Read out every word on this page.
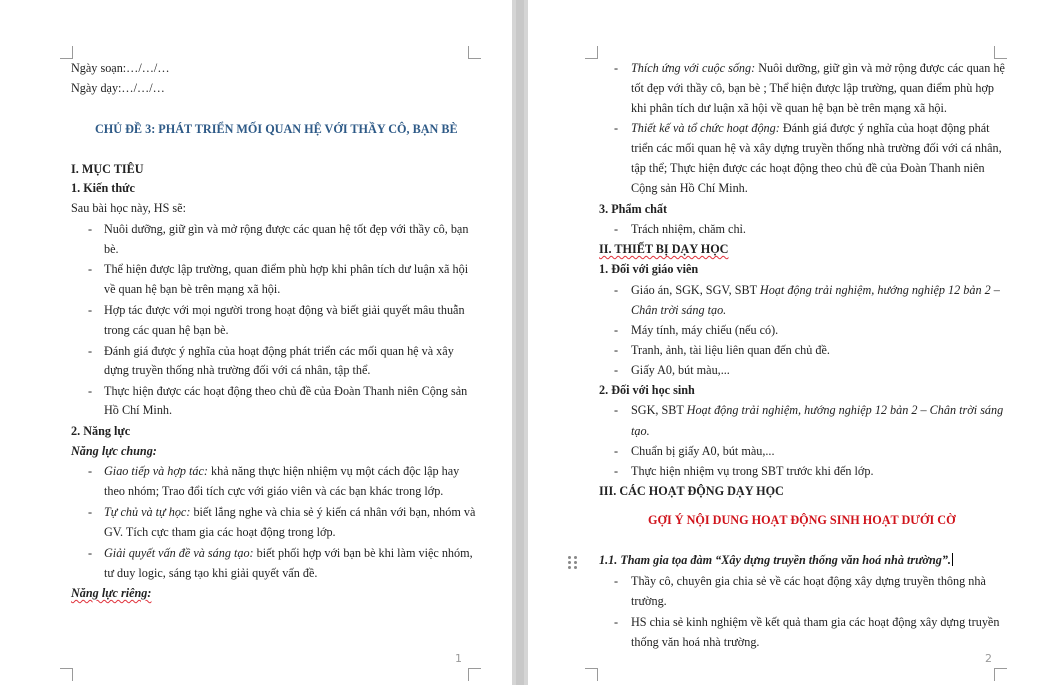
Ngày soạn:…/…/…
Ngày dạy:…/…/…
CHỦ ĐỀ 3: PHÁT TRIỂN MỐI QUAN HỆ VỚI THẦY CÔ, BẠN BÈ
I. MỤC TIÊU
1. Kiến thức
Sau bài học này, HS sẽ:
- Nuôi dưỡng, giữ gìn và mở rộng được các quan hệ tốt đẹp với thầy cô, bạn
bè.
- Thể hiện được lập trường, quan điểm phù hợp khi phân tích dư luận xã hội
về quan hệ bạn bè trên mạng xã hội.
- Hợp tác được với mọi người trong hoạt động và biết giải quyết mâu thuẫn
trong các quan hệ bạn bè.
- Đánh giá được ý nghĩa của hoạt động phát triển các mối quan hệ và xây
dựng truyền thống nhà trường đối với cá nhân, tập thể.
- Thực hiện được các hoạt động theo chủ đề của Đoàn Thanh niên Cộng sản
Hồ Chí Minh.
2. Năng lực
Năng lực chung:
- Giao tiếp và hợp tác: khả năng thực hiện nhiệm vụ một cách độc lập hay
theo nhóm; Trao đổi tích cực với giáo viên và các bạn khác trong lớp.
- Tự chủ và tự học: biết lắng nghe và chia sẻ ý kiến cá nhân với bạn, nhóm và
GV. Tích cực tham gia các hoạt động trong lớp.
- Giải quyết vấn đề và sáng tạo: biết phối hợp với bạn bè khi làm việc nhóm,
tư duy logic, sáng tạo khi giải quyết vấn đề.
Năng lực riêng:
1
- Thích ứng với cuộc sống: Nuôi dưỡng, giữ gìn và mở rộng được các quan hệ
tốt đẹp với thầy cô, bạn bè ; Thể hiện được lập trường, quan điểm phù hợp
khi phân tích dư luận xã hội về quan hệ bạn bè trên mạng xã hội.
- Thiết kế và tổ chức hoạt động: Đánh giá được ý nghĩa của hoạt động phát
triển các mối quan hệ và xây dựng truyền thống nhà trường đối với cá nhân,
tập thể; Thực hiện được các hoạt động theo chủ đề của Đoàn Thanh niên
Cộng sản Hồ Chí Minh.
3. Phẩm chất
- Trách nhiệm, chăm chỉ.
II. THIẾT BỊ DẠY HỌC
1. Đối với giáo viên
- Giáo án, SGK, SGV, SBT Hoạt động trải nghiệm, hướng nghiệp 12 bản 2 –
Chân trời sáng tạo.
- Máy tính, máy chiếu (nếu có).
- Tranh, ảnh, tài liệu liên quan đến chủ đề.
- Giấy A0, bút màu,...
2. Đối với học sinh
- SGK, SBT Hoạt động trải nghiệm, hướng nghiệp 12 bản 2 – Chân trời sáng
tạo.
- Chuẩn bị giấy A0, bút màu,...
- Thực hiện nhiệm vụ trong SBT trước khi đến lớp.
III. CÁC HOẠT ĐỘNG DẠY HỌC
GỢI Ý NỘI DUNG HOẠT ĐỘNG SINH HOẠT DƯỚI CỜ
1.1. Tham gia tọa đàm “Xây dựng truyền thống văn hoá nhà trường”.
- Thầy cô, chuyên gia chia sẻ về các hoạt động xây dựng truyền thông nhà
trường.
- HS chia sẻ kinh nghiệm về kết quả tham gia các hoạt động xây dựng truyền
thống văn hoá nhà trường.
2
